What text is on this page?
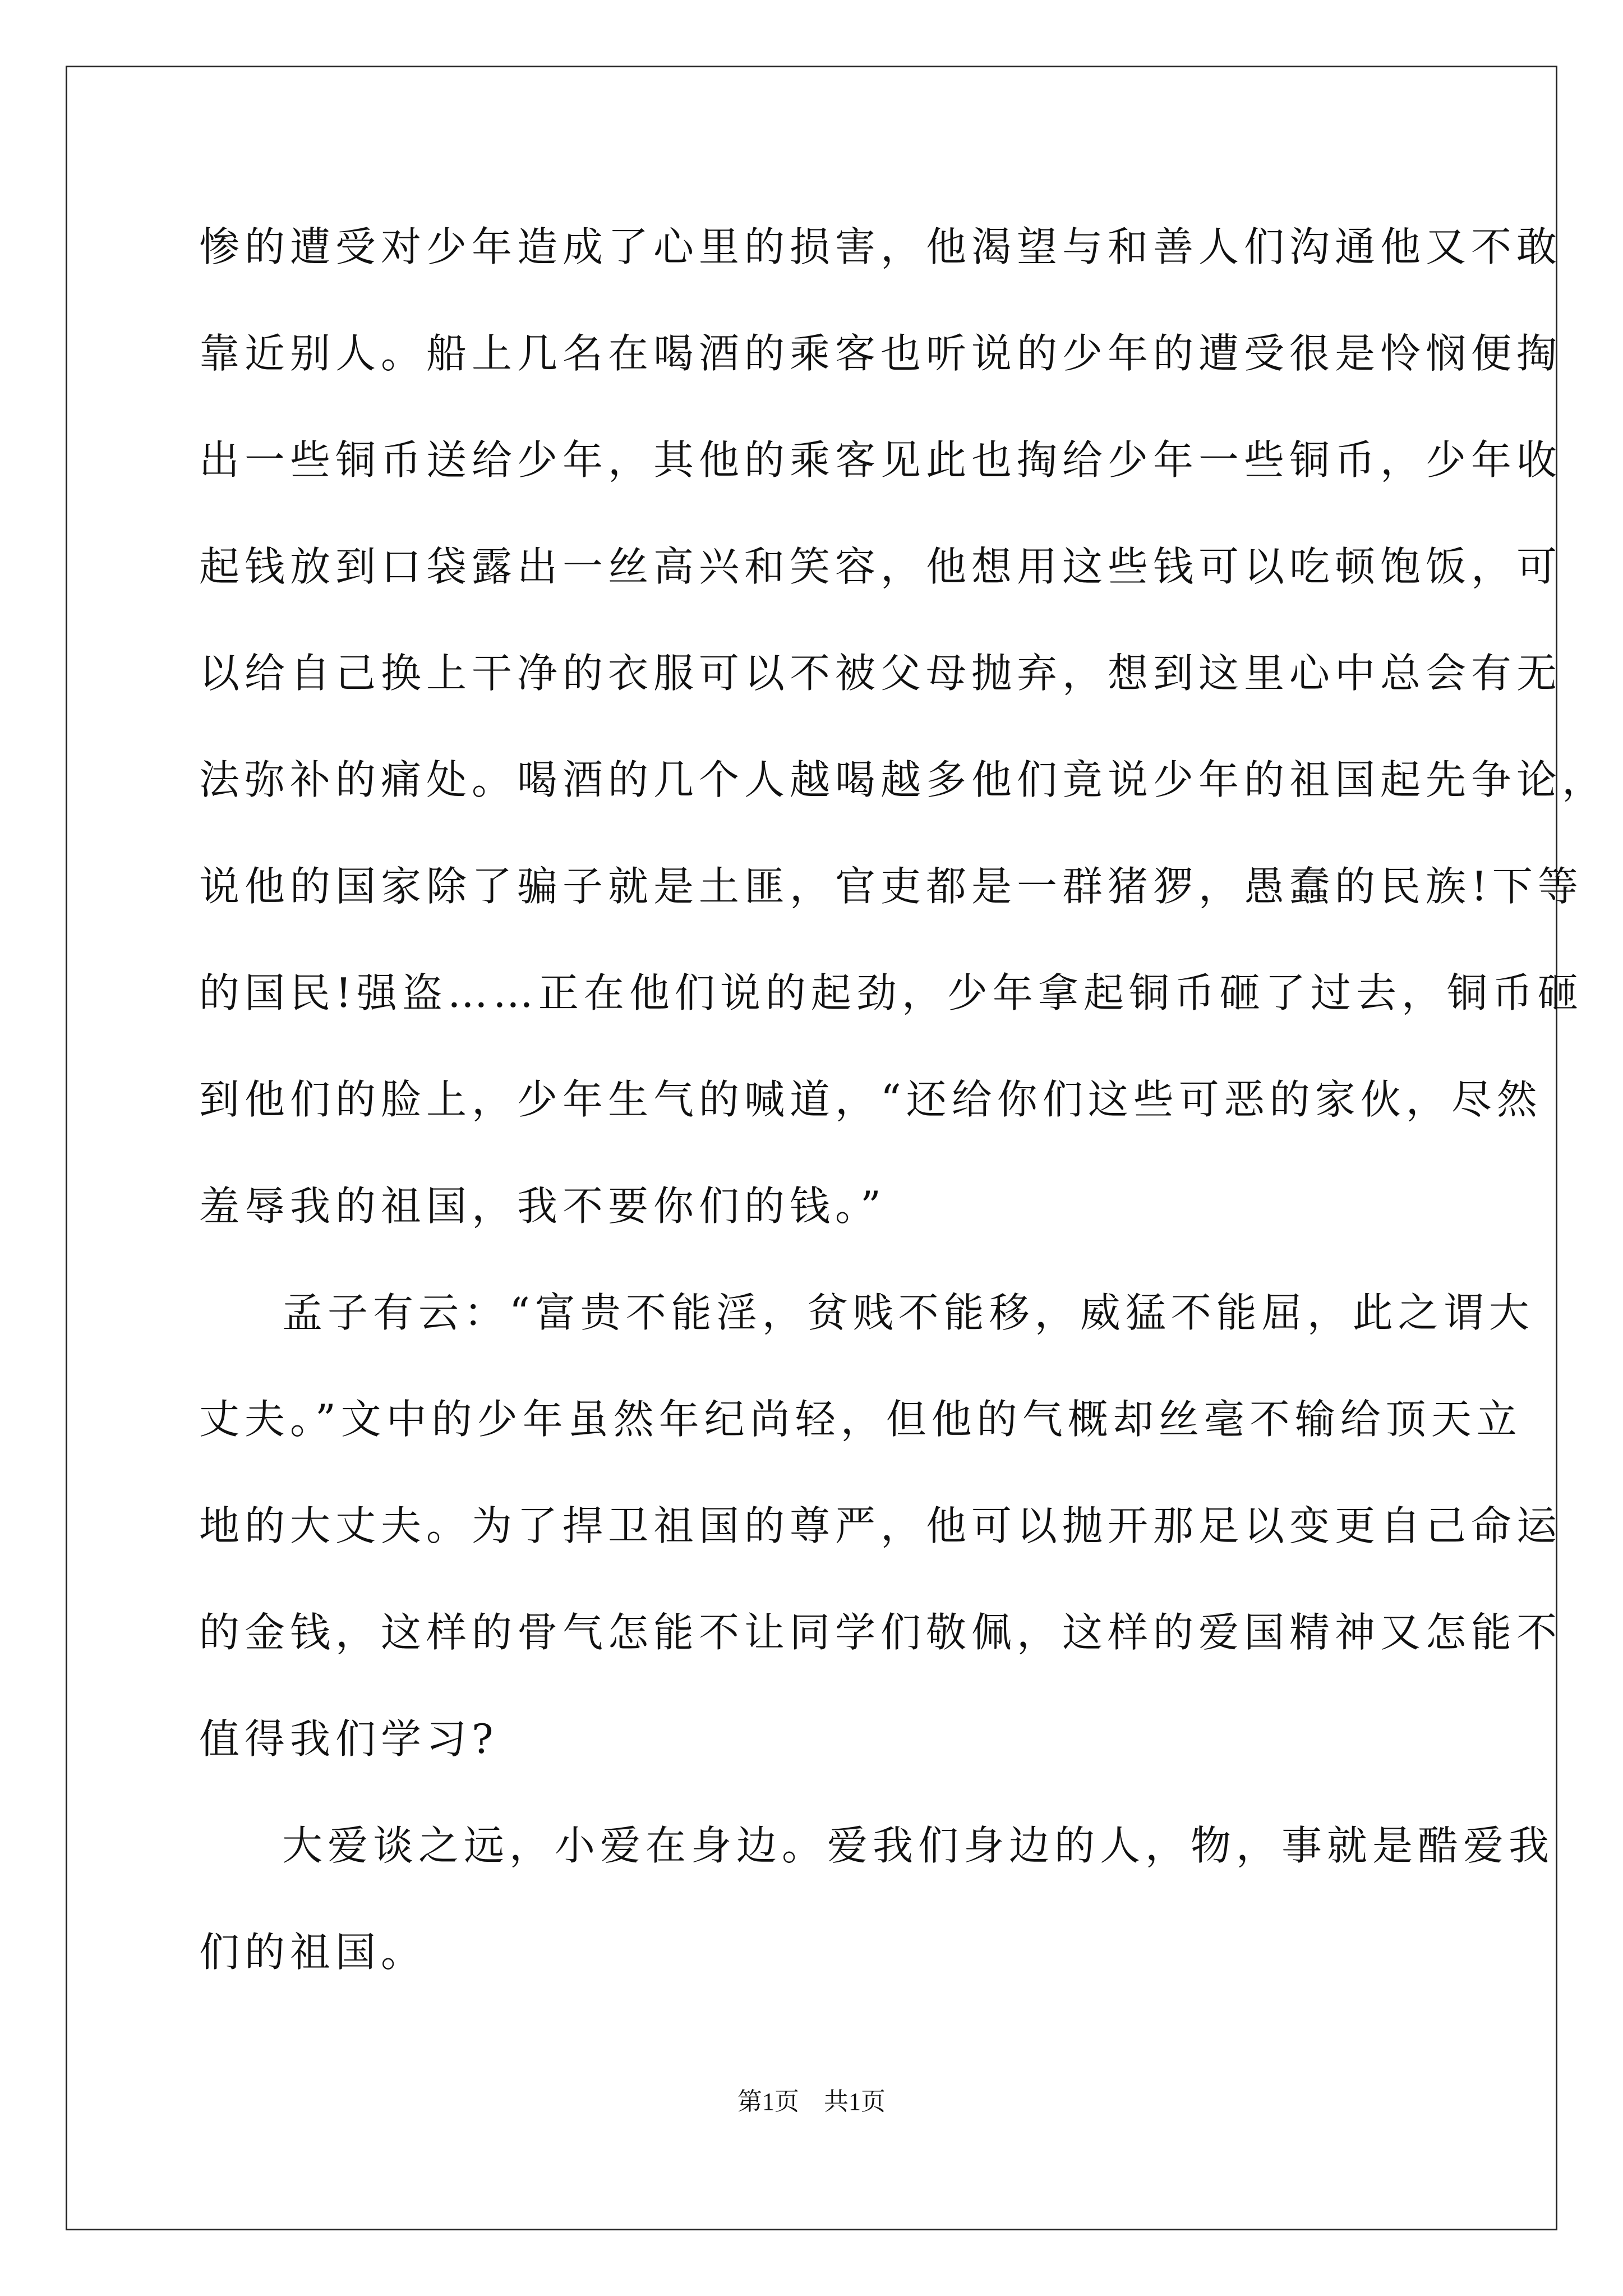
惨的遭受对少年造成了心里的损害，他渴望与和善人们沟通他又不敢
靠近别人。船上几名在喝酒的乘客也听说的少年的遭受很是怜悯便掏
出一些铜币送给少年，其他的乘客见此也掏给少年一些铜币，少年收
起钱放到口袋露出一丝高兴和笑容，他想用这些钱可以吃顿饱饭，可
以给自己换上干净的衣服可以不被父母抛弃，想到这里心中总会有无
法弥补的痛处。喝酒的几个人越喝越多他们竟说少年的祖国起先争论，
说他的国家除了骗子就是土匪，官吏都是一群猪猡，愚蠢的民族!下等
的国民!强盗……正在他们说的起劲，少年拿起铜币砸了过去，铜币砸
到他们的脸上，少年生气的喊道，“还给你们这些可恶的家伙，尽然
羞辱我的祖国，我不要你们的钱。”
孟子有云：“富贵不能淫，贫贱不能移，威猛不能屈，此之谓大
丈夫。”文中的少年虽然年纪尚轻，但他的气概却丝毫不输给顶天立
地的大丈夫。为了捍卫祖国的尊严，他可以抛开那足以变更自己命运
的金钱，这样的骨气怎能不让同学们敬佩，这样的爱国精神又怎能不
值得我们学习?
大爱谈之远，小爱在身边。爱我们身边的人，物，事就是酷爱我
们的祖国。
第1页 共1页
